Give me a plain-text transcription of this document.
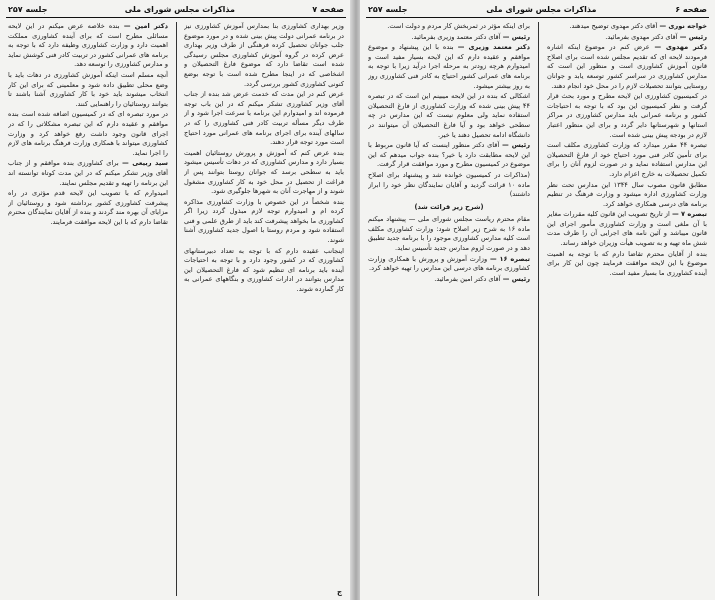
صفحه ۷
مذاکرات مجلس شورای ملی
جلسه ۲۵۷

وزیر بهداری کشاورزی بنا بمدارس آموزش کشاورزی نیز در برنامه عمرانی دولت پیش بینی شده و در مورد موضوع جلب جوانان تحصیل کرده فرهنگی از طرف وزیر بهداری عرض کرده در گروه آموزش کشاورزی مجلس رسیدگی شده است تقاضا دارد که موضوع فارغ التحصیلان و اشخاصی که در اینجا مطرح شده است با توجه بوضع کنونی کشاورزی کشور بررسی گردد.

عرض کنم در این مدت که خدمت عرض شد بنده از جناب آقای وزیر کشاورزی تشکر میکنم که در این باب توجه فرموده اند و امیدوارم این برنامه با سرعت اجرا شود و از طرف دیگر مسأله تربیت کادر فنی کشاورزی را که در سالهای آینده برای اجرای برنامه های عمرانی مورد احتیاج است مورد توجه قرار دهند.

بنده عرض کنم که آموزش و پرورش روستائیان اهمیت بسیار دارد و مدارس کشاورزی که در دهات تأسیس میشود باید به سطحی برسد که جوانان روستا بتوانند پس از فراغت از تحصیل در محل خود به کار کشاورزی مشغول شوند و از مهاجرت آنان به شهرها جلوگیری شود.

بنده شخصاً در این خصوص با وزارت کشاورزی مذاکره کرده ام و امیدوارم توجه لازم مبذول گردد زیرا اگر کشاورزی ما بخواهد پیشرفت کند باید از طرق علمی و فنی استفاده شود و مردم روستا با اصول جدید کشاورزی آشنا شوند.

اینجانب عقیده دارم که با توجه به تعداد دبیرستانهای کشاورزی که در کشور وجود دارد و با توجه به احتیاجات آینده باید برنامه ای تنظیم شود که فارغ التحصیلان این مدارس بتوانند در ادارات کشاورزی و بنگاههای عمرانی به کار گمارده شوند.

دکتر امین — بنده خلاصه عرض میکنم در این لایحه مسائلی مطرح است که برای آینده کشاورزی مملکت اهمیت دارد و وزارت کشاورزی وظیفه دارد که با توجه به برنامه های عمرانی کشور در تربیت کادر فنی کوشش نماید و مدارس کشاورزی را توسعه دهد.

آنچه مسلم است اینکه آموزش کشاورزی در دهات باید با وضع محلی تطبیق داده شود و معلمینی که برای این کار انتخاب میشوند باید خود با کار کشاورزی آشنا باشند تا بتوانند روستائیان را راهنمایی کنند.

در مورد تبصره ای که در کمیسیون اضافه شده است بنده موافقم و عقیده دارم که این تبصره مشکلاتی را که در اجرای قانون وجود داشت رفع خواهد کرد و وزارت کشاورزی میتواند با همکاری وزارت فرهنگ برنامه های لازم را اجرا نماید.

سید ربیعی — برای کشاورزی بنده موافقم و از جناب آقای وزیر تشکر میکنم که در این مدت کوتاه توانسته اند این برنامه را تهیه و تقدیم مجلس نمایند.

امیدوارم که با تصویب این لایحه قدم مؤثری در راه پیشرفت کشاورزی کشور برداشته شود و روستائیان از مزایای آن بهره مند گردند و بنده از آقایان نمایندگان محترم تقاضا دارم که با این لایحه موافقت فرمایند.

ج
صفحه ۶
مذاکرات مجلس شورای ملی
جلسه ۲۵۷

خواجه نوری — آقای دکتر مهدوی توضیح میدهند.

رئیس — آقای دکتر مهدوی بفرمائید.

دکتر مهدوی — عرض کنم در موضوع اینکه اشاره فرمودند لایحه ای که تقدیم مجلس شده است برای اصلاح قانون آموزش کشاورزی است و منظور این است که مدارس کشاورزی در سراسر کشور توسعه یابد و جوانان روستایی بتوانند تحصیلات لازم را در محل خود انجام دهند.

در کمیسیون کشاورزی این لایحه مطرح و مورد بحث قرار گرفت و نظر کمیسیون این بود که با توجه به احتیاجات کشور و برنامه عمرانی باید مدارس کشاورزی در مراکز استانها و شهرستانها دایر گردد و برای این منظور اعتبار لازم در بودجه پیش بینی شده است.

تبصره ۴۴ مقرر میدارد که وزارت کشاورزی مکلف است برای تأمین کادر فنی مورد احتیاج خود از فارغ التحصیلان این مدارس استفاده نماید و در صورت لزوم آنان را برای تکمیل تحصیلات به خارج اعزام دارد.

مطابق قانون مصوب سال ۱۳۴۴ این مدارس تحت نظر وزارت کشاورزی اداره میشود و وزارت فرهنگ در تنظیم برنامه های درسی همکاری خواهد کرد.

تبصره ۷ — از تاریخ تصویب این قانون کلیه مقررات مغایر با آن ملغی است و وزارت کشاورزی مأمور اجرای این قانون میباشد و آئین نامه های اجرایی آن را ظرف مدت شش ماه تهیه و به تصویب هیأت وزیران خواهد رساند.

بنده از آقایان محترم تقاضا دارم که با توجه به اهمیت موضوع با این لایحه موافقت فرمایند چون این کار برای آینده کشاورزی ما بسیار مفید است.

برای اینکه مؤثر در ثمربخش کار مردم و دولت است.

رئیس — آقای دکتر معتمد وزیری بفرمائید.

دکتر معتمد وزیری — بنده با این پیشنهاد و موضوع موافقم و عقیده دارم که این لایحه بسیار مفید است و امیدوارم هرچه زودتر به مرحله اجرا درآید زیرا با توجه به برنامه های عمرانی کشور احتیاج به کادر فنی کشاورزی روز به روز بیشتر میشود.

اشکالی که بنده در این لایحه میبینم این است که در تبصره ۴۴ پیش بینی شده که وزارت کشاورزی از فارغ التحصیلان استفاده نماید ولی معلوم نیست که این مدارس در چه سطحی خواهد بود و آیا فارغ التحصیلان آن میتوانند در دانشگاه ادامه تحصیل دهند یا خیر.

رئیس — آقای دکتر منظور اینست که آیا قانون مربوط با این لایحه مطابقت دارد یا خیر؟ بنده جواب میدهم که این موضوع در کمیسیون مطرح و مورد موافقت قرار گرفت.

(مذاکرات در کمیسیون خوانده شد و پیشنهاد برای اصلاح ماده ۱۰ قرائت گردید و آقایان نمایندگان نظر خود را ابراز داشتند)

(شرح زیر قرائت شد)

مقام محترم ریاست مجلس شورای ملی — پیشنهاد میکنم ماده ۱۶ به شرح زیر اصلاح شود: وزارت کشاورزی مکلف است کلیه مدارس کشاورزی موجود را با برنامه جدید تطبیق دهد و در صورت لزوم مدارس جدید تأسیس نماید.

تبصره ۱۶ — وزارت آموزش و پرورش با همکاری وزارت کشاورزی برنامه های درسی این مدارس را تهیه خواهد کرد.

رئیس — آقای دکتر امین بفرمائید.
